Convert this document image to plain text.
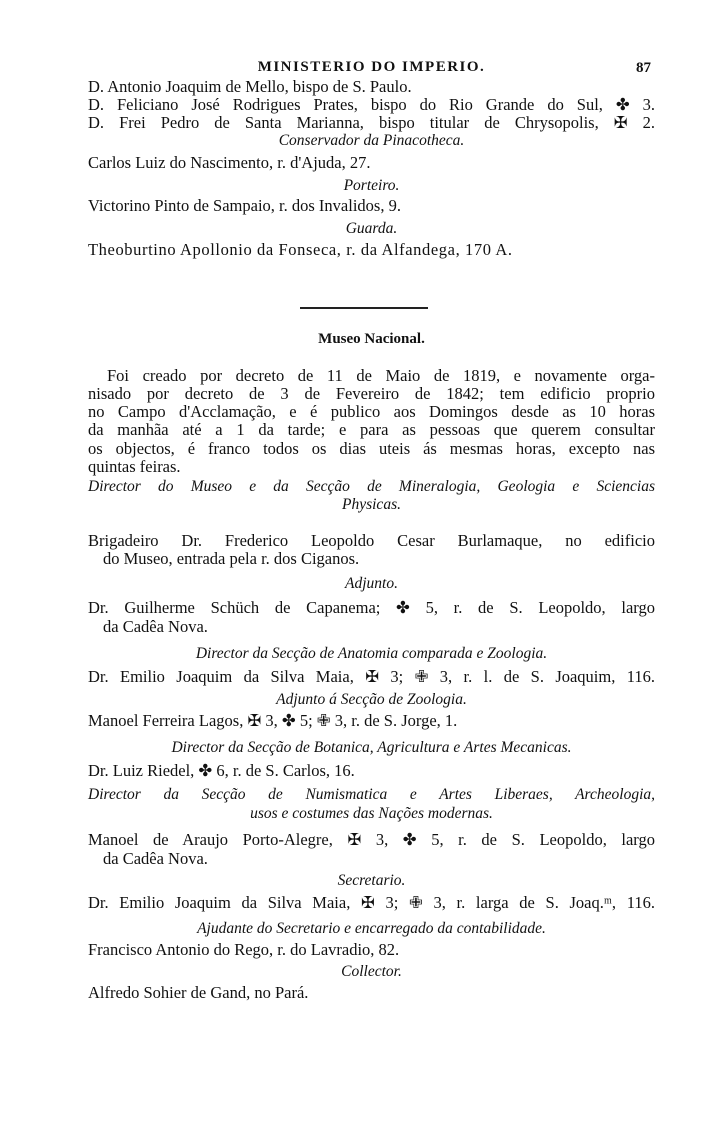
MINISTERIO DO IMPERIO.	87
D. Antonio Joaquim de Mello, bispo de S. Paulo.
D. Feliciano José Rodrigues Prates, bispo do Rio Grande do Sul, ✤ 3.
D. Frei Pedro de Santa Marianna, bispo titular de Chrysopolis, ✠ 2.
Conservador da Pinacotheca.
Carlos Luiz do Nascimento, r. d'Ajuda, 27.
Porteiro.
Victorino Pinto de Sampaio, r. dos Invalidos, 9.
Guarda.
Theoburtino Apollonio da Fonseca, r. da Alfandega, 170 A.
Museo Nacional.
Foi creado por decreto de 11 de Maio de 1819, e novamente orga-
nisado por decreto de 3 de Fevereiro de 1842; tem edificio proprio
no Campo d'Acclamação, e é publico aos Domingos desde as 10 horas
da manhãa até a 1 da tarde; e para as pessoas que querem consultar
os objectos, é franco todos os dias uteis ás mesmas horas, excepto nas
quintas feiras.
Director do Museo e da Secção de Mineralogia, Geologia e Sciencias
Physicas.
Brigadeiro Dr. Frederico Leopoldo Cesar Burlamaque, no edificio
do Museo, entrada pela r. dos Ciganos.
Adjunto.
Dr. Guilherme Schüch de Capanema; ✤ 5, r. de S. Leopoldo, largo
da Cadêa Nova.
Director da Secção de Anatomia comparada e Zoologia.
Dr. Emilio Joaquim da Silva Maia, ✠ 3; ✙ 3, r. l. de S. Joaquim, 116.
Adjunto á Secção de Zoologia.
Manoel Ferreira Lagos, ✠ 3, ✤ 5; ✙ 3, r. de S. Jorge, 1.
Director da Secção de Botanica, Agricultura e Artes Mecanicas.
Dr. Luiz Riedel, ✤ 6, r. de S. Carlos, 16.
Director da Secção de Numismatica e Artes Liberaes, Archeologia,
usos e costumes das Nações modernas.
Manoel de Araujo Porto-Alegre, ✠ 3, ✤ 5, r. de S. Leopoldo, largo
da Cadêa Nova.
Secretario.
Dr. Emilio Joaquim da Silva Maia, ✠ 3; ✙ 3, r. larga de S. Joaq.ᵐ, 116.
Ajudante do Secretario e encarregado da contabilidade.
Francisco Antonio do Rego, r. do Lavradio, 82.
Collector.
Alfredo Sohier de Gand, no Pará.
